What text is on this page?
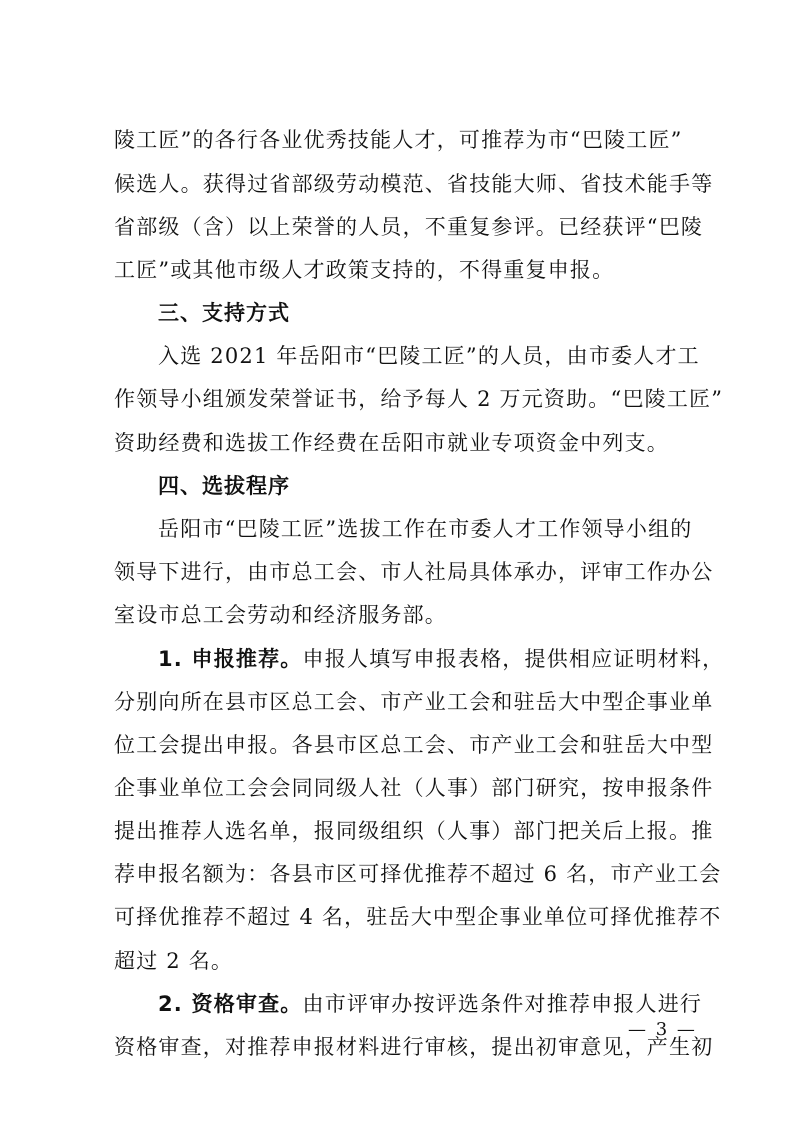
陵工匠”的各行各业优秀技能人才，可推荐为市“巴陵工匠”
候选人。获得过省部级劳动模范、省技能大师、省技术能手等
省部级（含）以上荣誉的人员，不重复参评。已经获评“巴陵
工匠”或其他市级人才政策支持的，不得重复申报。
三、支持方式
入选 2021 年岳阳市“巴陵工匠”的人员，由市委人才工
作领导小组颁发荣誉证书，给予每人 2 万元资助。“巴陵工匠”
资助经费和选拔工作经费在岳阳市就业专项资金中列支。
四、选拔程序
岳阳市“巴陵工匠”选拔工作在市委人才工作领导小组的
领导下进行，由市总工会、市人社局具体承办，评审工作办公
室设市总工会劳动和经济服务部。
1. 申报推荐。申报人填写申报表格，提供相应证明材料，
分别向所在县市区总工会、市产业工会和驻岳大中型企事业单
位工会提出申报。各县市区总工会、市产业工会和驻岳大中型
企事业单位工会会同同级人社（人事）部门研究，按申报条件
提出推荐人选名单，报同级组织（人事）部门把关后上报。推
荐申报名额为：各县市区可择优推荐不超过 6 名，市产业工会
可择优推荐不超过 4 名，驻岳大中型企事业单位可择优推荐不
超过 2 名。
2. 资格审查。由市评审办按评选条件对推荐申报人进行
资格审查，对推荐申报材料进行审核，提出初审意见，产生初
— 3 —
